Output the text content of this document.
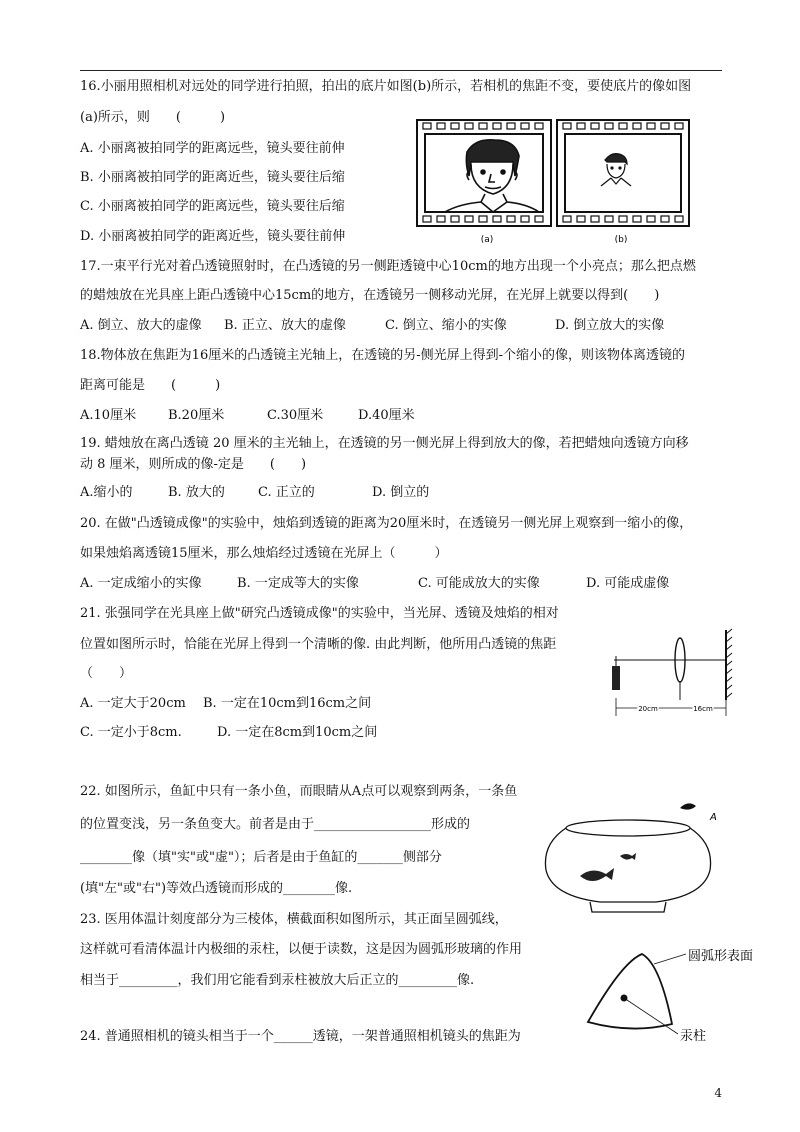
16.小丽用照相机对远处的同学进行拍照，拍出的底片如图(b)所示，若相机的焦距不变，要使底片的像如图
(a)所示，则　　(　　　)
A. 小丽离被拍同学的距离远些，镜头要往前伸
B. 小丽离被拍同学的距离近些，镜头要往后缩
C. 小丽离被拍同学的距离远些，镜头要往后缩
D. 小丽离被拍同学的距离近些，镜头要往前伸	(a)	(b)
17.一束平行光对着凸透镜照射时，在凸透镜的另一侧距透镜中心10cm的地方出现一个小亮点；那么把点燃
的蜡烛放在光具座上距凸透镜中心15cm的地方，在透镜另一侧移动光屏，在光屏上就要以得到(　　)
A. 倒立、放大的虚像 B. 正立、放大的虚像	C. 倒立、缩小的实像	D. 倒立放大的实像
18.物体放在焦距为16厘米的凸透镜主光轴上，在透镜的另-侧光屏上得到-个缩小的像，则该物体离透镜的
距离可能是　　(　　　)
A.10厘米 B.20厘米	C.30厘米	D.40厘米
19. 蜡烛放在离凸透镜 20 厘米的主光轴上，在透镜的另一侧光屏上得到放大的像，若把蜡烛向透镜方向移
动 8 厘米，则所成的像-定是　　(　　)
A.缩小的	B. 放大的	C. 正立的	D. 倒立的
20. 在做"凸透镜成像"的实验中，烛焰到透镜的距离为20厘米时，在透镜另一侧光屏上观察到一缩小的像，
如果烛焰离透镜15厘米，那么烛焰经过透镜在光屏上（　　　）
A. 一定成缩小的实像	B. 一定成等大的实像	C. 可能成放大的实像	D. 可能成虚像
21. 张强同学在光具座上做"研究凸透镜成像"的实验中，当光屏、透镜及烛焰的相对
位置如图所示时，恰能在光屏上得到一个清晰的像. 由此判断，他所用凸透镜的焦距
（　　）
A. 一定大于20cm B. 一定在10cm到16cm之间
C. 一定小于8cm.	D. 一定在8cm到10cm之间
20cm	16cm
22. 如图所示，鱼缸中只有一条小鱼，而眼睛从A点可以观察到两条，一条鱼
的位置变浅，另一条鱼变大。前者是由于__________________形成的
________像（填"实"或"虚"）；后者是由于鱼缸的_______侧部分
(填"左"或"右")等效凸透镜而形成的________像.
A
23. 医用体温计刻度部分为三棱体，横截面积如图所示，其正面呈圆弧线，
这样就可看清体温计内极细的汞柱，以便于读数，这是因为圆弧形玻璃的作用
相当于_________，我们用它能看到汞柱被放大后正立的_________像.
圆弧形表面
汞柱
24. 普通照相机的镜头相当于一个______透镜，一架普通照相机镜头的焦距为
4
